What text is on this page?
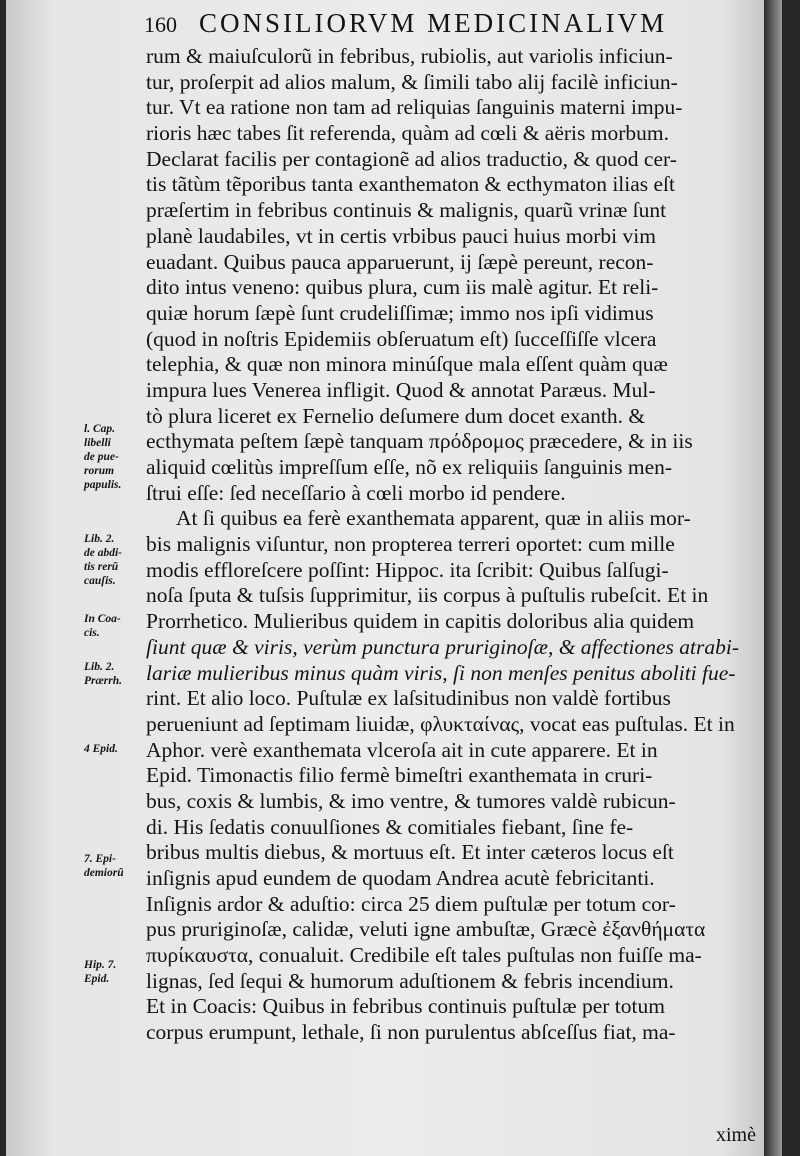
160 CONSILIORVM MEDICINALIVM
l. Cap.
libelli
de pue-
rorum
papulis.
Lib. 2.
de abdi-
tis rerũ
cauſis.
In Coa-
cis.
Lib. 2.
Prærrh.
4 Epid.
7. Epi-
demiorũ
Hip. 7.
Epid.
rum & maiuſculorũ in febribus, rubiolis, aut variolis inficiun-
tur, proſerpit ad alios malum, & ſimili tabo alij facilè inficiun-
tur. Vt ea ratione non tam ad reliquias ſanguinis materni impu-
rioris hæc tabes ſit referenda, quàm ad cœli & aëris morbum.
Declarat facilis per contagionẽ ad alios traductio, & quod cer-
tis tãtùm tẽporibus tanta exanthematon & ecthymaton ilias eſt
præſertim in febribus continuis & malignis, quarũ vrinæ ſunt
planè laudabiles, vt in certis vrbibus pauci huius morbi vim
euadant. Quibus pauca apparuerunt, ij ſæpè pereunt, recon-
dito intus veneno: quibus plura, cum iis malè agitur. Et reli-
quiæ horum ſæpè ſunt crudeliſſimæ; immo nos ipſi vidimus
(quod in noſtris Epidemiis obſeruatum eſt) ſucceſſiſſe vlcera
telephia, & quæ non minora minúſque mala eſſent quàm quæ
impura lues Venerea infligit. Quod & annotat Paræus. Mul-
tò plura liceret ex Fernelio deſumere dum docet exanth. &
ecthymata peſtem ſæpè tanquam πρόδρομος præcedere, & in iis
aliquid cœlitùs impreſſum eſſe, nõ ex reliquiis ſanguinis men-
ſtrui eſſe: ſed neceſſario à cœli morbo id pendere.
At ſi quibus ea ferè exanthemata apparent, quæ in aliis mor-
bis malignis viſuntur, non propterea terreri oportet: cum mille
modis efflorеſcere poſſint: Hippoc. ita ſcribit: Quibus ſalſugi-
noſa ſputa & tuſsis ſupprimitur, iis corpus à puſtulis rubeſcit. Et in
Prorrhetico. Mulieribus quidem in capitis doloribus alia quidem
ſiunt quæ & viris, verùm punctura pruriginoſæ, & affectiones atrabi-
lariæ mulieribus minus quàm viris, ſi non menſes penitus aboliti fue-
rint. Et alio loco. Puſtulæ ex laſsitudinibus non valdè fortibus
perueniunt ad ſeptimam liuidæ, φλυκταίνας, vocat eas puſtulas. Et in
Aphor. verè exanthemata vlceroſa ait in cute apparere. Et in
Epid. Timonactis filio fermè bimeſtri exanthemata in cruri-
bus, coxis & lumbis, & imo ventre, & tumores valdè rubicun-
di. His ſedatis conuulſiones & comitiales fiebant, ſine fe-
bribus multis diebus, & mortuus eſt. Et inter cæteros locus eſt
inſignis apud eundem de quodam Andrea acutè febricitanti.
Inſignis ardor & aduſtio: circa 25 diem puſtulæ per totum cor-
pus pruriginoſæ, calidæ, veluti igne ambuſtæ, Græcè ἐξανθήματα
πυρίκαυστα, conualuit. Credibile eſt tales puſtulas non fuiſſe ma-
lignas, ſed ſequi & humorum aduſtionem & febris incendium.
Et in Coacis: Quibus in febribus continuis puſtulæ per totum
corpus erumpunt, lethale, ſi non purulentus abſceſſus fiat, ma-
ximè
